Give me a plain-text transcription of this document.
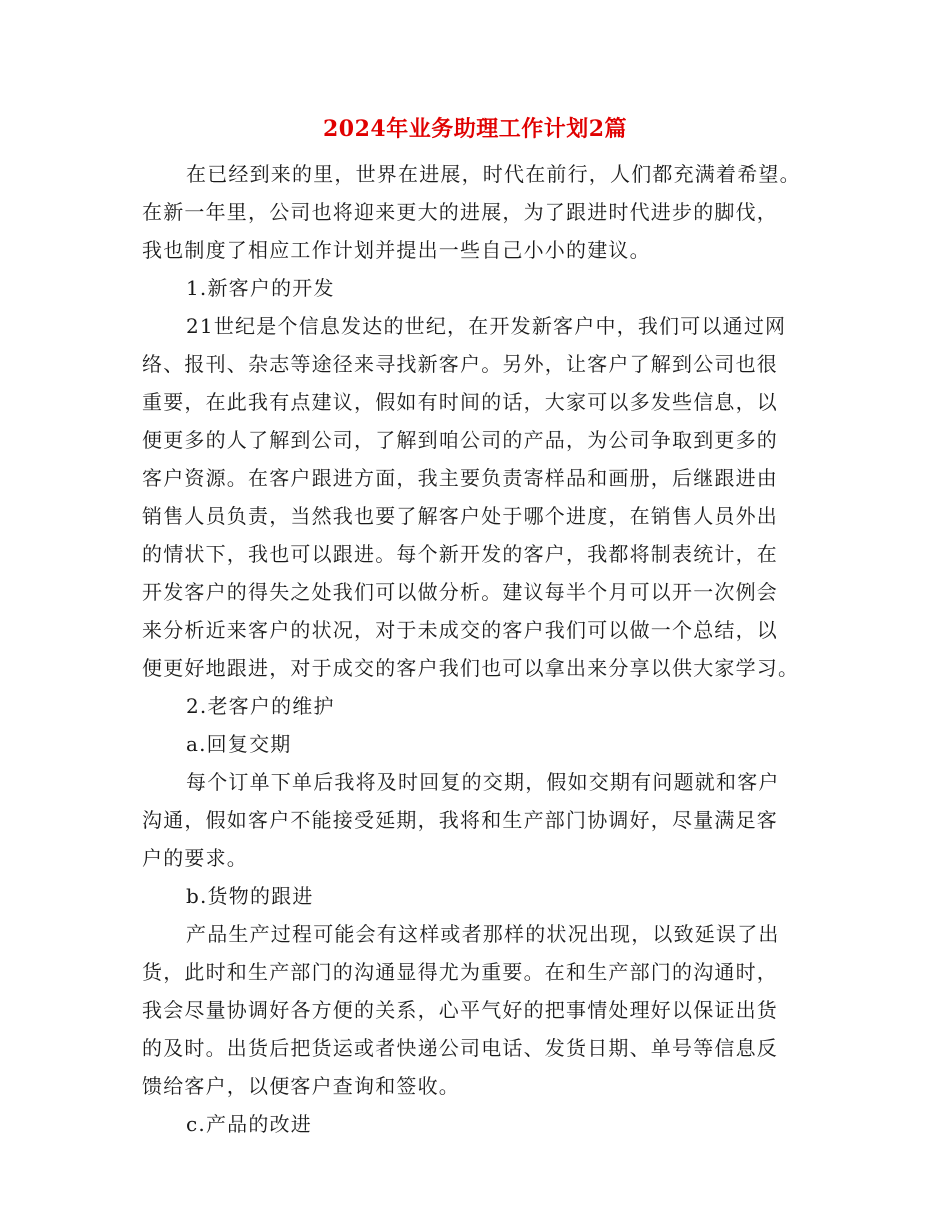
2024年业务助理工作计划2篇
在已经到来的里，世界在进展，时代在前行，人们都充满着希望。
在新一年里，公司也将迎来更大的进展，为了跟进时代进步的脚伐，
我也制度了相应工作计划并提出一些自己小小的建议。
1.新客户的开发
21世纪是个信息发达的世纪，在开发新客户中，我们可以通过网
络、报刊、杂志等途径来寻找新客户。另外，让客户了解到公司也很
重要，在此我有点建议，假如有时间的话，大家可以多发些信息，以
便更多的人了解到公司，了解到咱公司的产品，为公司争取到更多的
客户资源。在客户跟进方面，我主要负责寄样品和画册，后继跟进由
销售人员负责，当然我也要了解客户处于哪个进度，在销售人员外出
的情状下，我也可以跟进。每个新开发的客户，我都将制表统计，在
开发客户的得失之处我们可以做分析。建议每半个月可以开一次例会
来分析近来客户的状况，对于未成交的客户我们可以做一个总结，以
便更好地跟进，对于成交的客户我们也可以拿出来分享以供大家学习。
2.老客户的维护
a.回复交期
每个订单下单后我将及时回复的交期，假如交期有问题就和客户
沟通，假如客户不能接受延期，我将和生产部门协调好，尽量满足客
户的要求。
b.货物的跟进
产品生产过程可能会有这样或者那样的状况出现，以致延误了出
货，此时和生产部门的沟通显得尤为重要。在和生产部门的沟通时，
我会尽量协调好各方便的关系，心平气好的把事情处理好以保证出货
的及时。出货后把货运或者快递公司电话、发货日期、单号等信息反
馈给客户，以便客户查询和签收。
c.产品的改进
